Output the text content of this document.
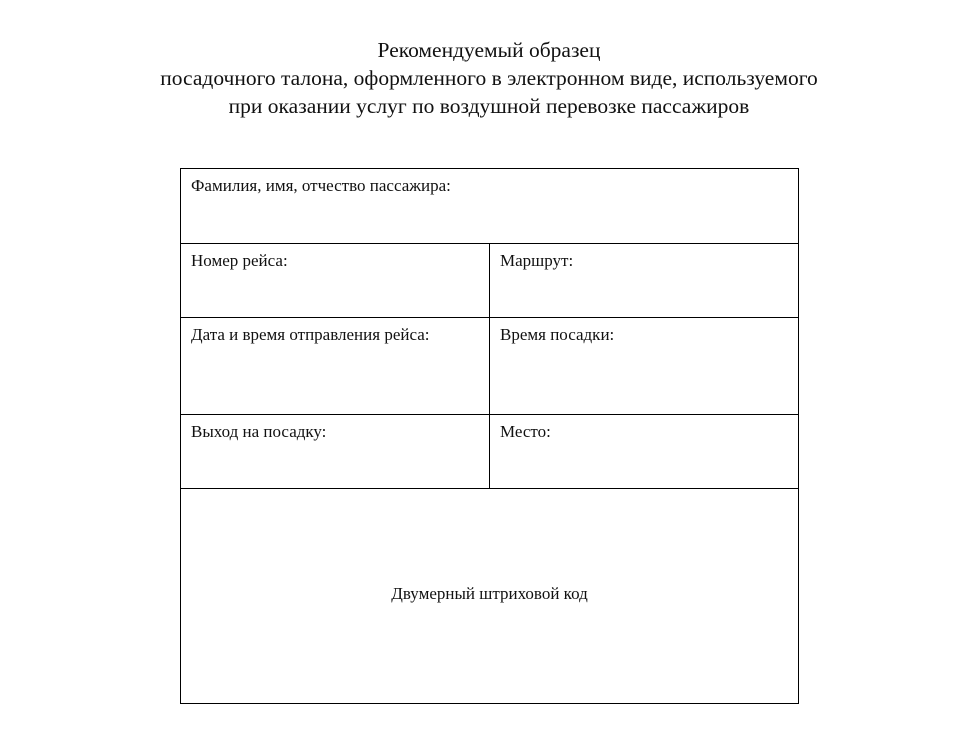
Рекомендуемый образец
посадочного талона, оформленного в электронном виде, используемого
при оказании услуг по воздушной перевозке пассажиров
Фамилия, имя, отчество пассажира:	
Номер рейса:	Маршрут:
Дата и время отправления рейса:	Время посадки:
Выход на посадку:	Место:

Двумерный штриховой код	
